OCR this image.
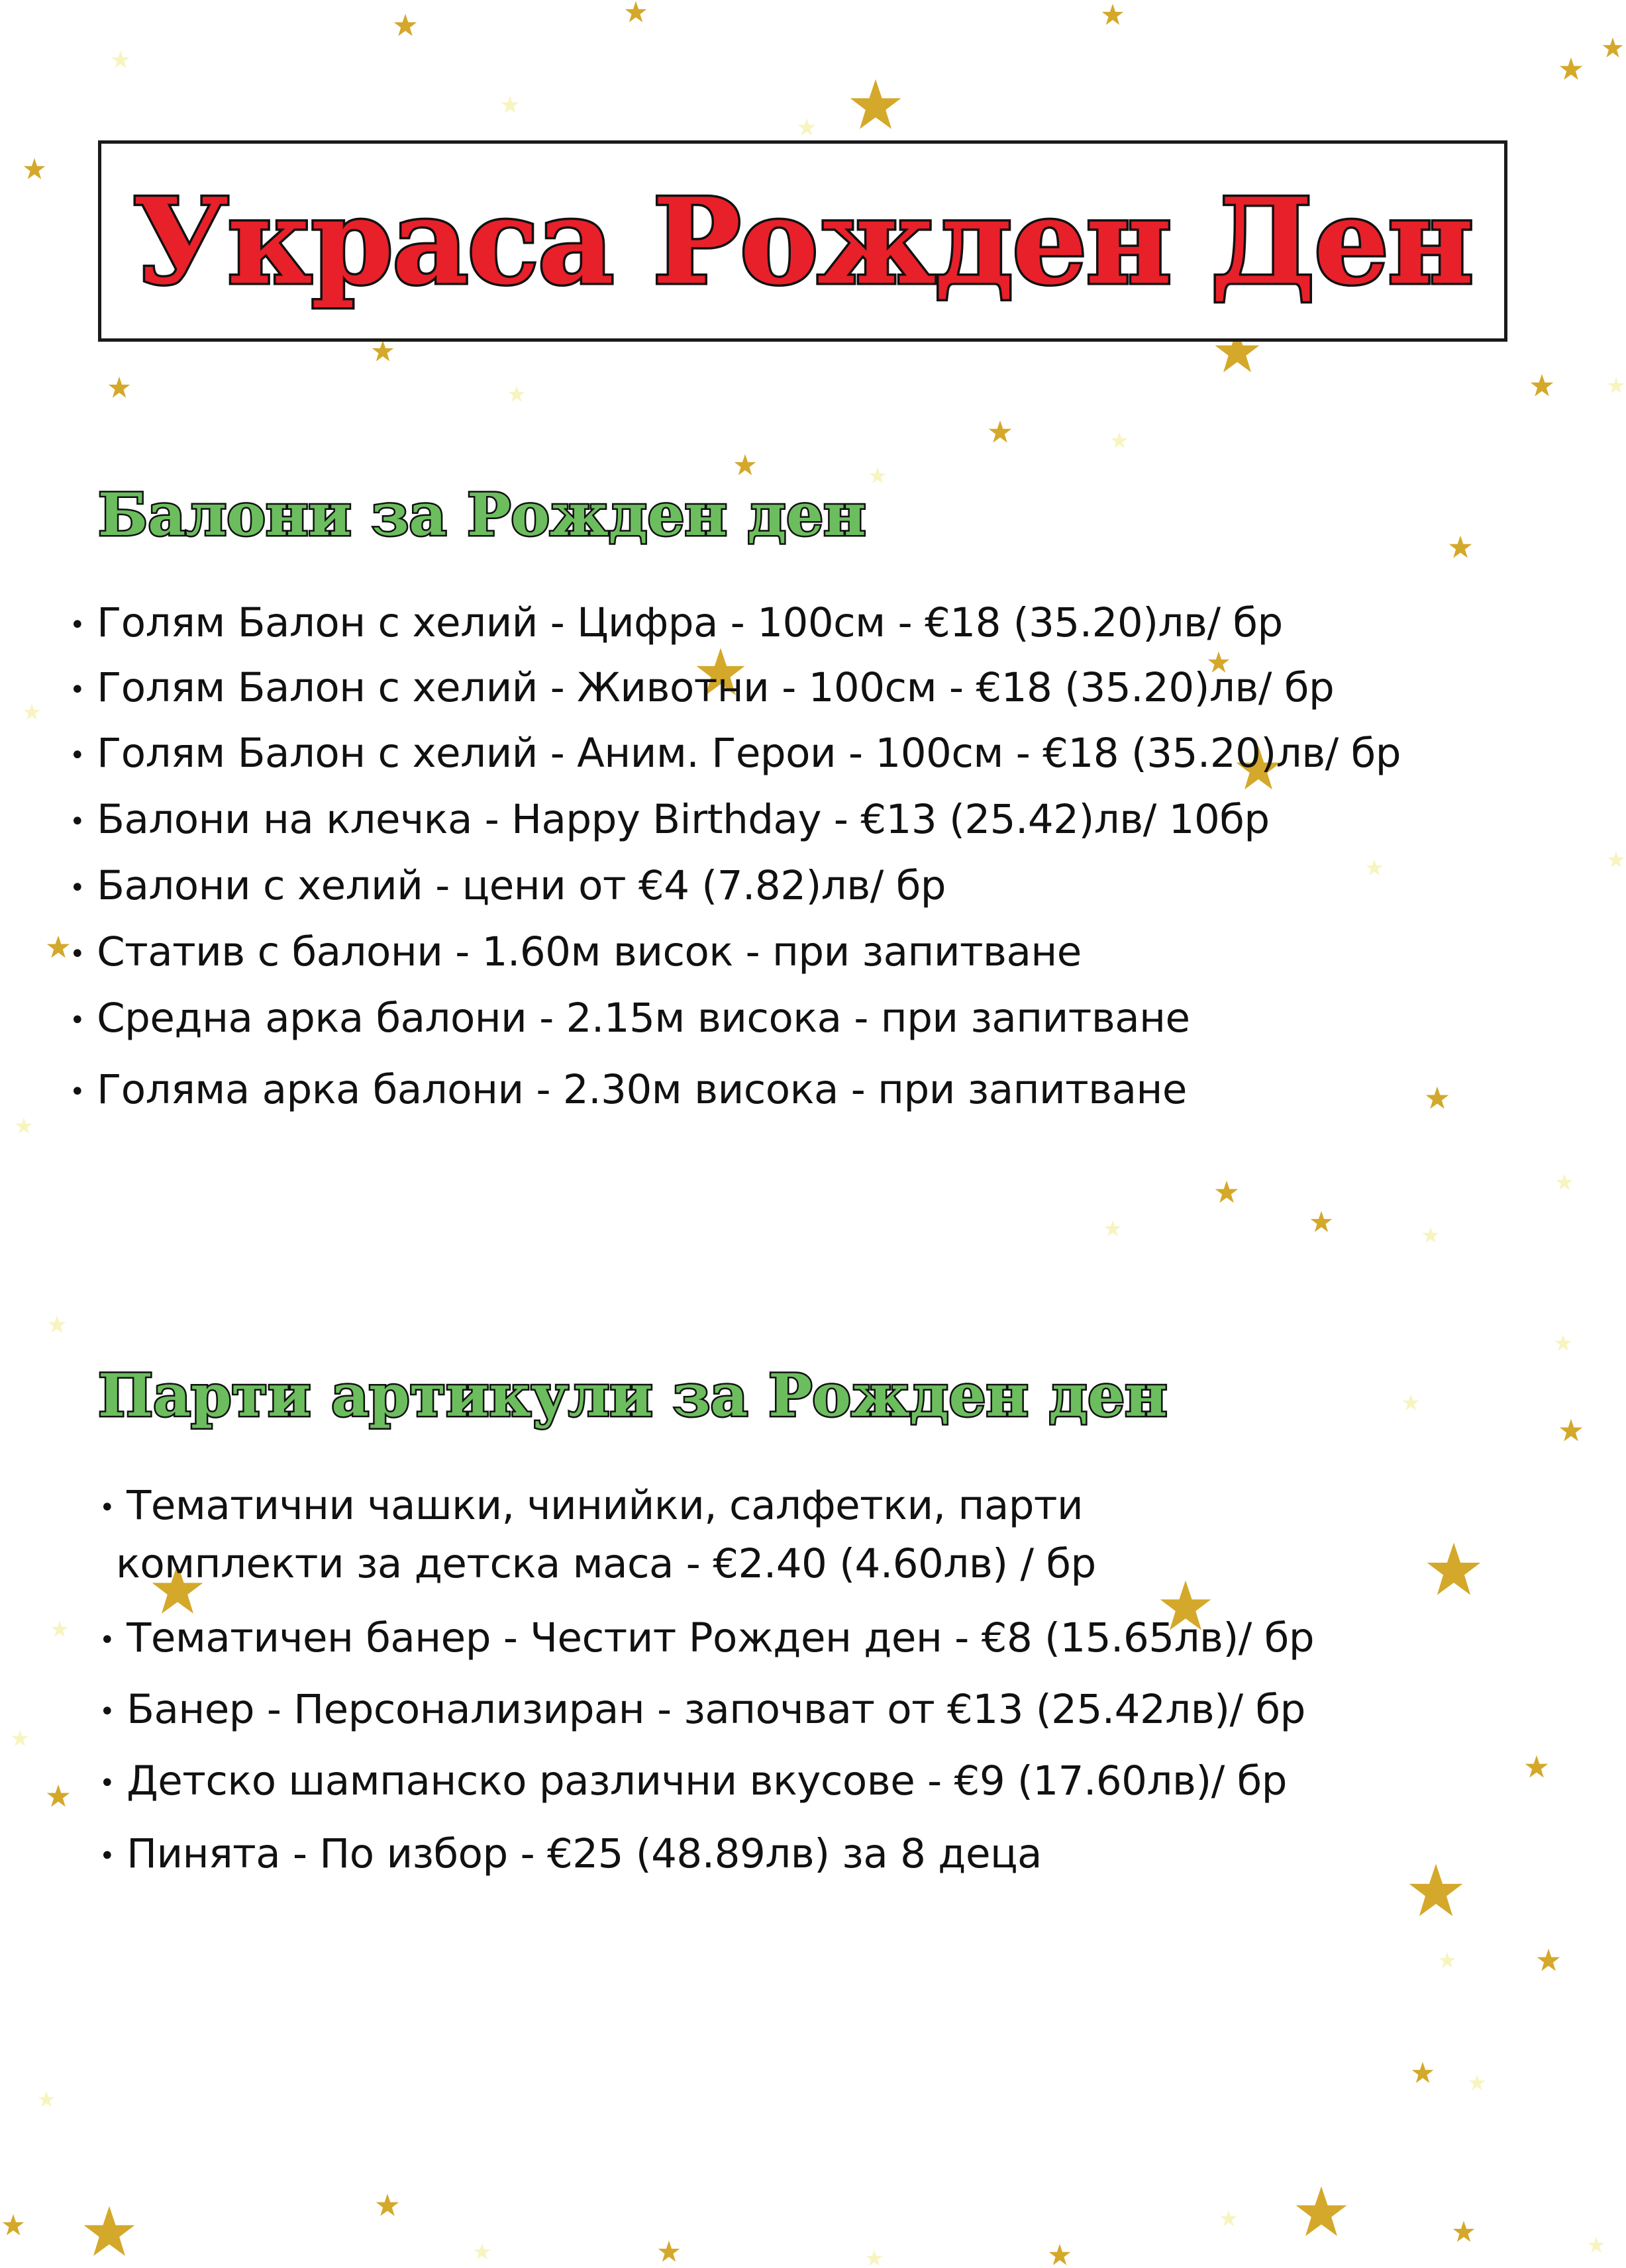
Украса Рожден Ден
Балони за Рожден ден
• Голям Балон с хелий - Цифра - 100см - €18 (35.20)лв/ бр
• Голям Балон с хелий - Животни - 100см - €18 (35.20)лв/ бр
• Голям Балон с хелий - Аним. Герои - 100см - €18 (35.20)лв/ бр
• Балони на клечка - Happy Birthday - €13 (25.42)лв/ 10бр
• Балони с хелий - цени от €4 (7.82)лв/ бр
• Статив с балони - 1.60м висок - при запитване
• Средна арка балони - 2.15м висока - при запитване
• Голяма арка балони - 2.30м висока - при запитване
Парти артикули за Рожден ден
• Тематични чашки, чинийки, салфетки, парти
комплекти за детска маса - €2.40 (4.60лв) / бр
• Тематичен банер - Честит Рожден ден - €8 (15.65лв)/ бр
• Банер - Персонализиран - започват от €13 (25.42лв)/ бр
• Детско шампанско различни вкусове - €9 (17.60лв)/ бр
• Пинята - По избор - €25 (48.89лв) за 8 деца
